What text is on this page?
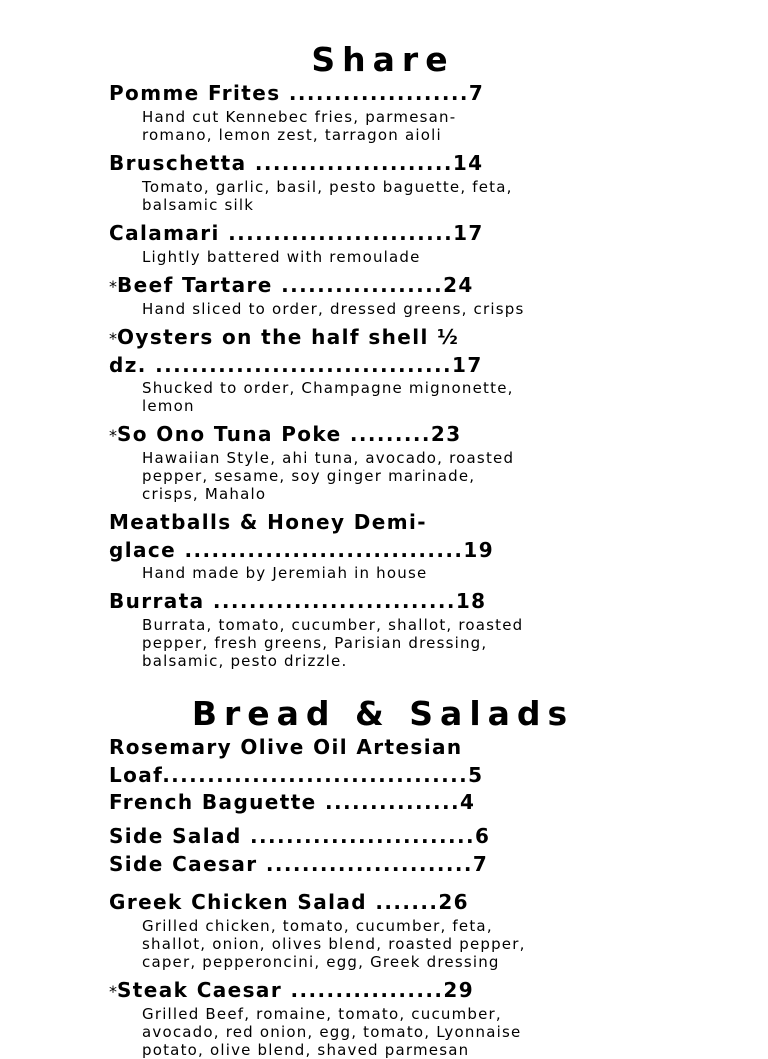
Share
Pomme Frites ....................7
Hand cut Kennebec fries, parmesan-
romano, lemon zest, tarragon aioli
Bruschetta ......................14
Tomato, garlic, basil, pesto baguette, feta,
balsamic silk
Calamari .........................17
Lightly battered with remoulade
*Beef Tartare ..................24
Hand sliced to order, dressed greens, crisps
*Oysters on the half shell ½
dz. .................................17
Shucked to order, Champagne mignonette,
lemon
*So Ono Tuna Poke .........23
Hawaiian Style, ahi tuna, avocado, roasted
pepper, sesame, soy ginger marinade,
crisps, Mahalo
Meatballs & Honey Demi-
glace ...............................19
Hand made by Jeremiah in house
Burrata ...........................18
Burrata, tomato, cucumber, shallot, roasted
pepper, fresh greens, Parisian dressing,
balsamic, pesto drizzle.
Bread & Salads
Rosemary Olive Oil Artesian
Loaf..................................5
French Baguette ...............4
Side Salad .........................6
Side Caesar .......................7
Greek Chicken Salad .......26
Grilled chicken, tomato, cucumber, feta,
shallot, onion, olives blend, roasted pepper,
caper, pepperoncini, egg, Greek dressing
*Steak Caesar .................29
Grilled Beef, romaine, tomato, cucumber,
avocado, red onion, egg, tomato, Lyonnaise
potato, olive blend, shaved parmesan
